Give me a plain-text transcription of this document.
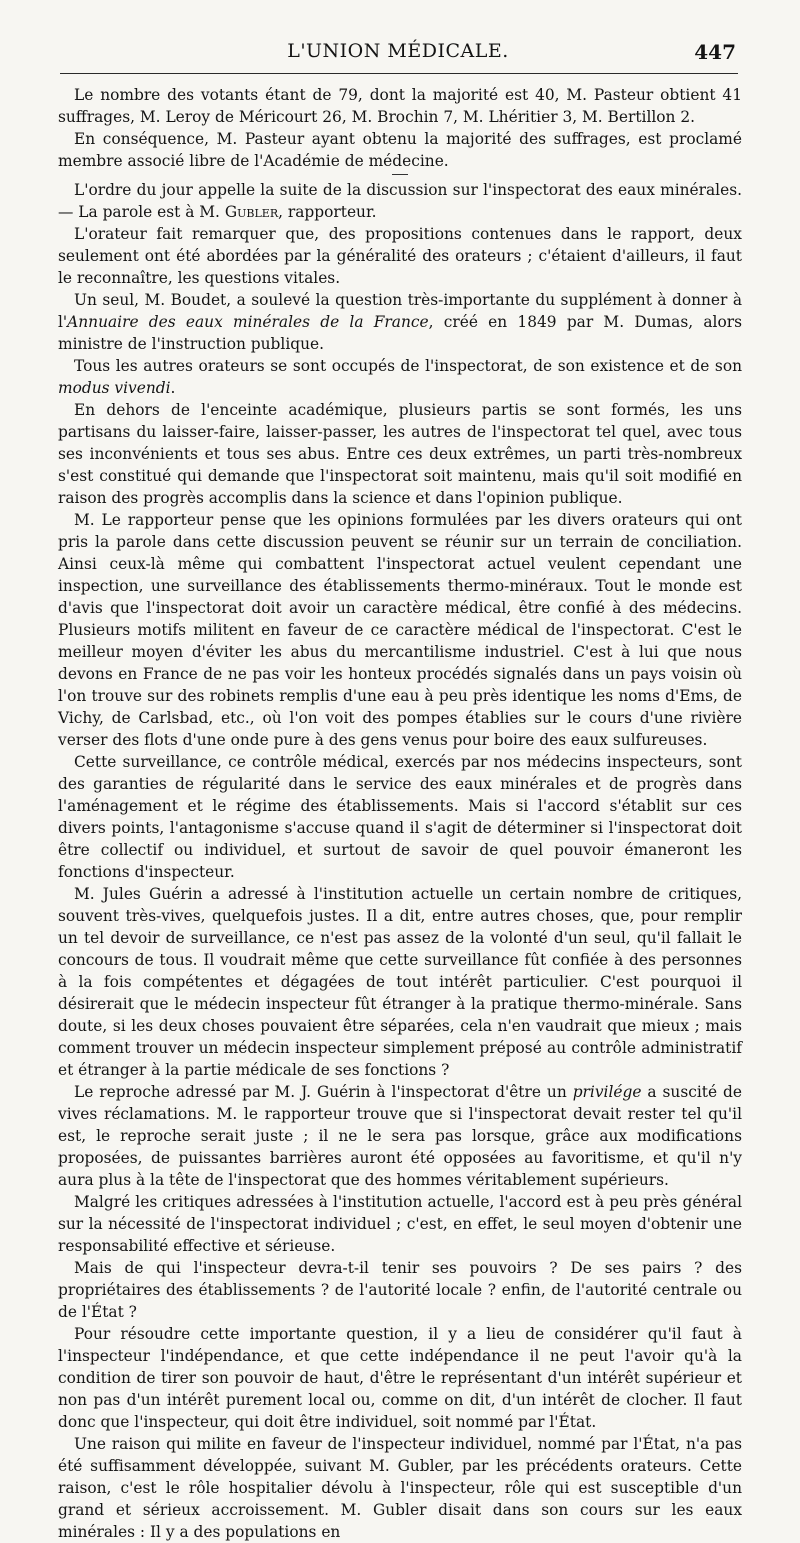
L'UNION MÉDICALE.	447

Le nombre des votants étant de 79, dont la majorité est 40, M. Pasteur obtient 41 suffrages, M. Leroy de Méricourt 26, M. Brochin 7, M. Lhéritier 3, M. Bertillon 2.

En conséquence, M. Pasteur ayant obtenu la majorité des suffrages, est proclamé membre associé libre de l'Académie de médecine.

L'ordre du jour appelle la suite de la discussion sur l'inspectorat des eaux minérales. — La parole est à M. Gubler, rapporteur.

L'orateur fait remarquer que, des propositions contenues dans le rapport, deux seulement ont été abordées par la généralité des orateurs ; c'étaient d'ailleurs, il faut le reconnaître, les questions vitales.

Un seul, M. Boudet, a soulevé la question très-importante du supplément à donner à l'Annuaire des eaux minérales de la France, créé en 1849 par M. Dumas, alors ministre de l'instruction publique.

Tous les autres orateurs se sont occupés de l'inspectorat, de son existence et de son modus vivendi.

En dehors de l'enceinte académique, plusieurs partis se sont formés, les uns partisans du laisser-faire, laisser-passer, les autres de l'inspectorat tel quel, avec tous ses inconvénients et tous ses abus. Entre ces deux extrêmes, un parti très-nombreux s'est constitué qui demande que l'inspectorat soit maintenu, mais qu'il soit modifié en raison des progrès accomplis dans la science et dans l'opinion publique.

M. Le rapporteur pense que les opinions formulées par les divers orateurs qui ont pris la parole dans cette discussion peuvent se réunir sur un terrain de conciliation. Ainsi ceux-là même qui combattent l'inspectorat actuel veulent cependant une inspection, une surveillance des établissements thermo-minéraux. Tout le monde est d'avis que l'inspectorat doit avoir un caractère médical, être confié à des médecins. Plusieurs motifs militent en faveur de ce caractère médical de l'inspectorat. C'est le meilleur moyen d'éviter les abus du mercantilisme industriel. C'est à lui que nous devons en France de ne pas voir les honteux procédés signalés dans un pays voisin où l'on trouve sur des robinets remplis d'une eau à peu près identique les noms d'Ems, de Vichy, de Carlsbad, etc., où l'on voit des pompes établies sur le cours d'une rivière verser des flots d'une onde pure à des gens venus pour boire des eaux sulfureuses.

Cette surveillance, ce contrôle médical, exercés par nos médecins inspecteurs, sont des garanties de régularité dans le service des eaux minérales et de progrès dans l'aménagement et le régime des établissements. Mais si l'accord s'établit sur ces divers points, l'antagonisme s'accuse quand il s'agit de déterminer si l'inspectorat doit être collectif ou individuel, et surtout de savoir de quel pouvoir émaneront les fonctions d'inspecteur.

M. Jules Guérin a adressé à l'institution actuelle un certain nombre de critiques, souvent très-vives, quelquefois justes. Il a dit, entre autres choses, que, pour remplir un tel devoir de surveillance, ce n'est pas assez de la volonté d'un seul, qu'il fallait le concours de tous. Il voudrait même que cette surveillance fût confiée à des personnes à la fois compétentes et dégagées de tout intérêt particulier. C'est pourquoi il désirerait que le médecin inspecteur fût étranger à la pratique thermo-minérale. Sans doute, si les deux choses pouvaient être séparées, cela n'en vaudrait que mieux ; mais comment trouver un médecin inspecteur simplement préposé au contrôle administratif et étranger à la partie médicale de ses fonctions ?

Le reproche adressé par M. J. Guérin à l'inspectorat d'être un privilége a suscité de vives réclamations. M. le rapporteur trouve que si l'inspectorat devait rester tel qu'il est, le reproche serait juste ; il ne le sera pas lorsque, grâce aux modifications proposées, de puissantes barrières auront été opposées au favoritisme, et qu'il n'y aura plus à la tête de l'inspectorat que des hommes véritablement supérieurs.

Malgré les critiques adressées à l'institution actuelle, l'accord est à peu près général sur la nécessité de l'inspectorat individuel ; c'est, en effet, le seul moyen d'obtenir une responsabilité effective et sérieuse.

Mais de qui l'inspecteur devra-t-il tenir ses pouvoirs ? De ses pairs ? des propriétaires des établissements ? de l'autorité locale ? enfin, de l'autorité centrale ou de l'État ?

Pour résoudre cette importante question, il y a lieu de considérer qu'il faut à l'inspecteur l'indépendance, et que cette indépendance il ne peut l'avoir qu'à la condition de tirer son pouvoir de haut, d'être le représentant d'un intérêt supérieur et non pas d'un intérêt purement local ou, comme on dit, d'un intérêt de clocher. Il faut donc que l'inspecteur, qui doit être individuel, soit nommé par l'État.

Une raison qui milite en faveur de l'inspecteur individuel, nommé par l'État, n'a pas été suffisamment développée, suivant M. Gubler, par les précédents orateurs. Cette raison, c'est le rôle hospitalier dévolu à l'inspecteur, rôle qui est susceptible d'un grand et sérieux accroissement. M. Gubler disait dans son cours sur les eaux minérales : Il y a des populations en
